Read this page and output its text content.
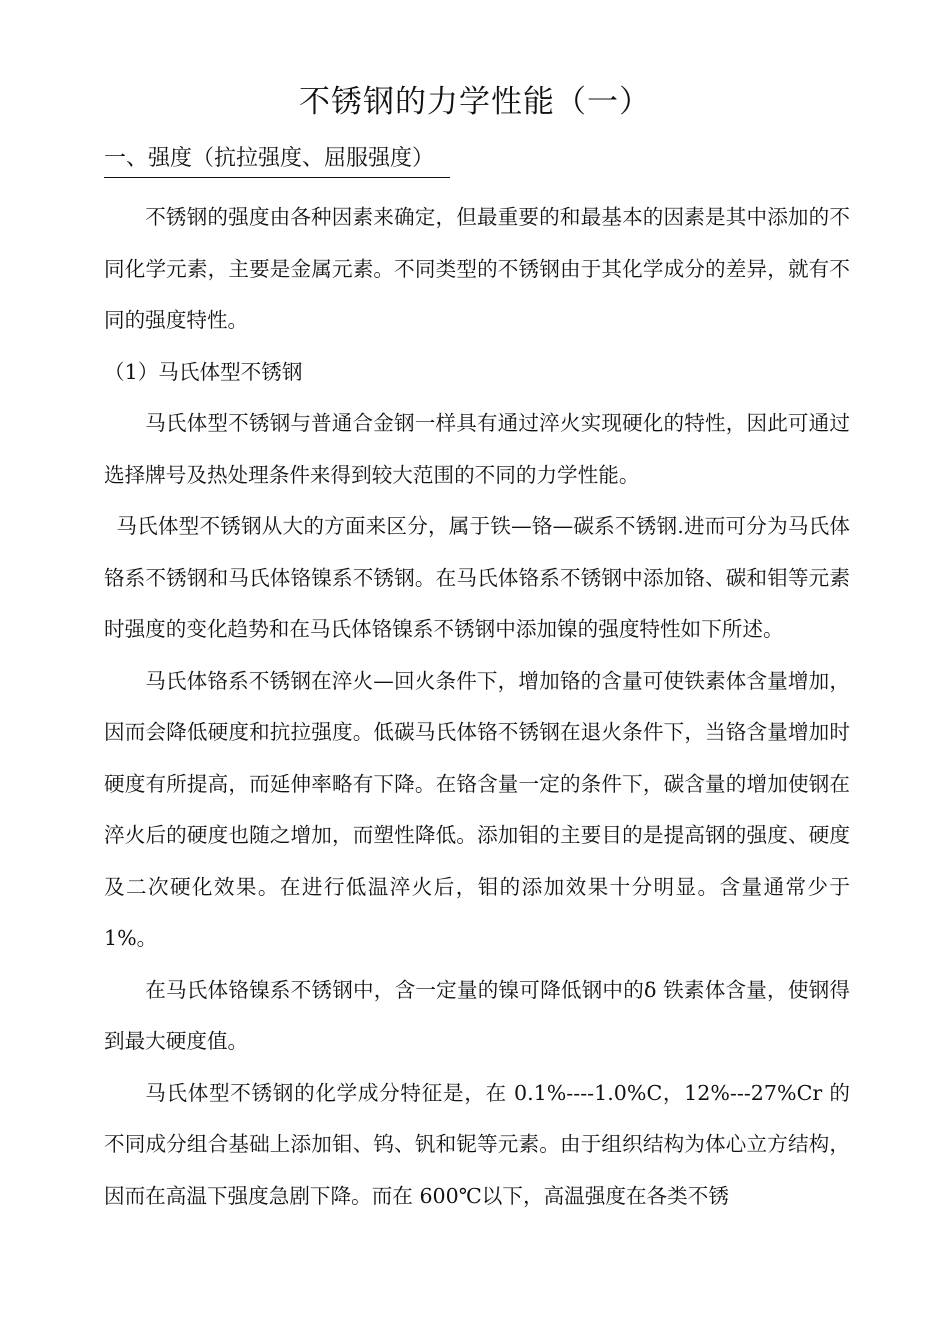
不锈钢的力学性能（一）
一、强度（抗拉强度、屈服强度）

不锈钢的强度由各种因素来确定，但最重要的和最基本的因素是其中添加的不同化学元素，主要是金属元素。不同类型的不锈钢由于其化学成分的差异，就有不同的强度特性。

（1）马氏体型不锈钢

马氏体型不锈钢与普通合金钢一样具有通过淬火实现硬化的特性，因此可通过选择牌号及热处理条件来得到较大范围的不同的力学性能。

马氏体型不锈钢从大的方面来区分，属于铁—铬—碳系不锈钢.进而可分为马氏体铬系不锈钢和马氏体铬镍系不锈钢。在马氏体铬系不锈钢中添加铬、碳和钼等元素时强度的变化趋势和在马氏体铬镍系不锈钢中添加镍的强度特性如下所述。

马氏体铬系不锈钢在淬火—回火条件下，增加铬的含量可使铁素体含量增加，因而会降低硬度和抗拉强度。低碳马氏体铬不锈钢在退火条件下，当铬含量增加时硬度有所提高，而延伸率略有下降。在铬含量一定的条件下，碳含量的增加使钢在淬火后的硬度也随之增加，而塑性降低。添加钼的主要目的是提高钢的强度、硬度及二次硬化效果。在进行低温淬火后，钼的添加效果十分明显。含量通常少于 1%。

在马氏体铬镍系不锈钢中，含一定量的镍可降低钢中的δ 铁素体含量，使钢得到最大硬度值。

马氏体型不锈钢的化学成分特征是，在 0.1%----1.0%C，12%---27%Cr 的不同成分组合基础上添加钼、钨、钒和铌等元素。由于组织结构为体心立方结构，因而在高温下强度急剧下降。而在 600℃以下，高温强度在各类不锈
